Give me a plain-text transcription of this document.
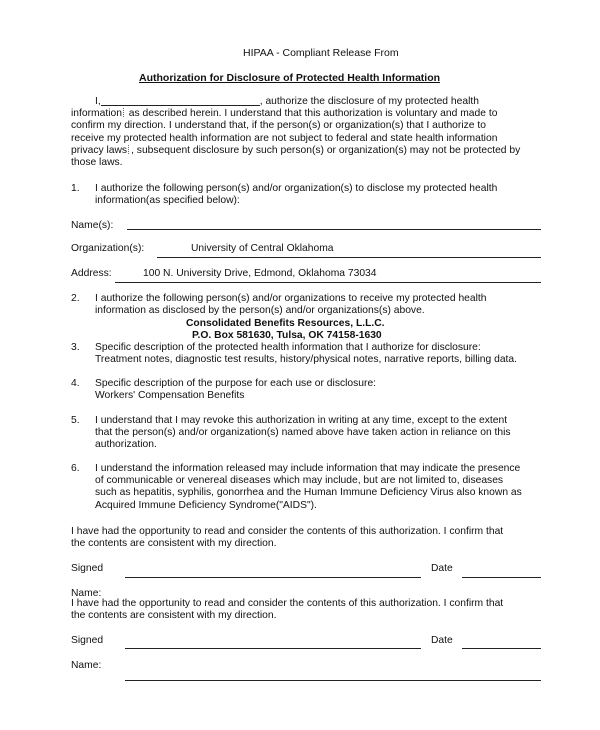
HIPAA - Compliant Release From
Authorization for Disclosure of Protected Health Information
I,	, authorize the disclosure of my protected health
information as described herein. I understand that this authorization is voluntary and made to
confirm my direction. I understand that, if the person(s) or organization(s) that I authorize to
receive my protected health information are not subject to federal and state health information
privacy laws , subsequent disclosure by such person(s) or organization(s) may not be protected by
those laws.
1. I authorize the following person(s) and/or organization(s) to disclose my protected health
information(as specified below):
Name(s):
Organization(s):	University of Central Oklahoma
Address:	100 N. University Drive, Edmond, Oklahoma 73034
2. I authorize the following person(s) and/or organizations to receive my protected health
information as disclosed by the person(s) and/or organizations(s) above.
Consolidated Benefits Resources, L.L.C.
P.O. Box 581630, Tulsa, OK 74158-1630
3. Specific description of the protected health information that I authorize for disclosure:
Treatment notes, diagnostic test results, history/physical notes, narrative reports, billing data.
4. Specific description of the purpose for each use or disclosure:
Workers' Compensation Benefits
5. I understand that I may revoke this authorization in writing at any time, except to the extent
that the person(s) and/or organization(s) named above have taken action in reliance on this
authorization.
6. I understand the information released may include information that may indicate the presence
of communicable or venereal diseases which may include, but are not limited to, diseases
such as hepatitis, syphilis, gonorrhea and the Human Immune Deficiency Virus also known as
Acquired Immune Deficiency Syndrome("AIDS").
I have had the opportunity to read and consider the contents of this authorization. I confirm that
the contents are consistent with my direction.
Signed	Date
Name:
I have had the opportunity to read and consider the contents of this authorization. I confirm that
the contents are consistent with my direction.
Signed	Date
Name:
